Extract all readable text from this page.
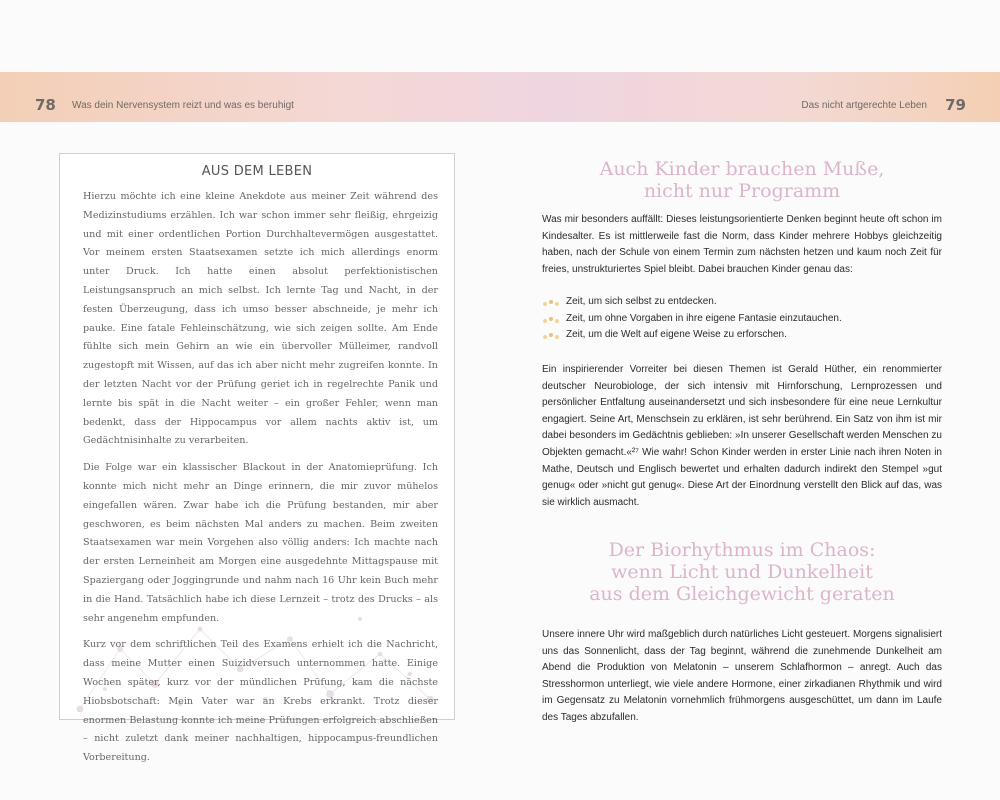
78 Was dein Nervensystem reizt und was es beruhigt	Das nicht artgerechte Leben 79
AUS DEM LEBEN

Hierzu möchte ich eine kleine Anekdote aus meiner Zeit während des Medizinstudiums erzählen. Ich war schon immer sehr fleißig, ehrgeizig und mit einer ordentlichen Portion Durchhaltevermögen ausgestattet. Vor meinem ersten Staatsexamen setzte ich mich allerdings enorm unter Druck. Ich hatte einen absolut perfektionistischen Leistungsanspruch an mich selbst. Ich lernte Tag und Nacht, in der festen Überzeugung, dass ich umso besser abschneide, je mehr ich pauke. Eine fatale Fehleinschätzung, wie sich zeigen sollte. Am Ende fühlte sich mein Gehirn an wie ein übervoller Mülleimer, randvoll zugestopft mit Wissen, auf das ich aber nicht mehr zugreifen konnte. In der letzten Nacht vor der Prüfung geriet ich in regelrechte Panik und lernte bis spät in die Nacht weiter – ein großer Fehler, wenn man bedenkt, dass der Hippocampus vor allem nachts aktiv ist, um Gedächtnisinhalte zu verarbeiten.

Die Folge war ein klassischer Blackout in der Anatomieprüfung. Ich konnte mich nicht mehr an Dinge erinnern, die mir zuvor mühelos eingefallen wären. Zwar habe ich die Prüfung bestanden, mir aber geschworen, es beim nächsten Mal anders zu machen. Beim zweiten Staatsexamen war mein Vorgehen also völlig anders: Ich machte nach der ersten Lerneinheit am Morgen eine ausgedehnte Mittagspause mit Spaziergang oder Joggingrunde und nahm nach 16 Uhr kein Buch mehr in die Hand. Tatsächlich habe ich diese Lernzeit – trotz des Drucks – als sehr angenehm empfunden.

Kurz vor dem schriftlichen Teil des Examens erhielt ich die Nachricht, dass meine Mutter einen Suizidversuch unternommen hatte. Einige Wochen später, kurz vor der mündlichen Prüfung, kam die nächste Hiobsbotschaft: Mein Vater war an Krebs erkrankt. Trotz dieser enormen Belastung konnte ich meine Prüfungen erfolgreich abschließen – nicht zuletzt dank meiner nachhaltigen, hippocampus-freundlichen Vorbereitung.

Auch Kinder brauchen Muße,
nicht nur Programm

Was mir besonders auffällt: Dieses leistungsorientierte Denken beginnt heute oft schon im Kindesalter. Es ist mittlerweile fast die Norm, dass Kinder mehrere Hobbys gleichzeitig haben, nach der Schule von einem Termin zum nächsten hetzen und kaum noch Zeit für freies, unstrukturiertes Spiel bleibt. Dabei brauchen Kinder genau das:

Zeit, um sich selbst zu entdecken.
Zeit, um ohne Vorgaben in ihre eigene Fantasie einzutauchen.
Zeit, um die Welt auf eigene Weise zu erforschen.

Ein inspirierender Vorreiter bei diesen Themen ist Gerald Hüther, ein renommierter deutscher Neurobiologe, der sich intensiv mit Hirnforschung, Lernprozessen und persönlicher Entfaltung auseinandersetzt und sich insbesondere für eine neue Lernkultur engagiert. Seine Art, Menschsein zu erklären, ist sehr berührend. Ein Satz von ihm ist mir dabei besonders im Gedächtnis geblieben: »In unserer Gesellschaft werden Menschen zu Objekten gemacht.«²⁷ Wie wahr! Schon Kinder werden in erster Linie nach ihren Noten in Mathe, Deutsch und Englisch bewertet und erhalten dadurch indirekt den Stempel »gut genug« oder »nicht gut genug«. Diese Art der Einordnung verstellt den Blick auf das, was sie wirklich ausmacht.

Der Biorhythmus im Chaos:
wenn Licht und Dunkelheit
aus dem Gleichgewicht geraten

Unsere innere Uhr wird maßgeblich durch natürliches Licht gesteuert. Morgens signalisiert uns das Sonnenlicht, dass der Tag beginnt, während die zunehmende Dunkelheit am Abend die Produktion von Melatonin – unserem Schlafhormon – anregt. Auch das Stresshormon unterliegt, wie viele andere Hormone, einer zirkadianen Rhythmik und wird im Gegensatz zu Melatonin vornehmlich frühmorgens ausgeschüttet, um dann im Laufe des Tages abzufallen.
